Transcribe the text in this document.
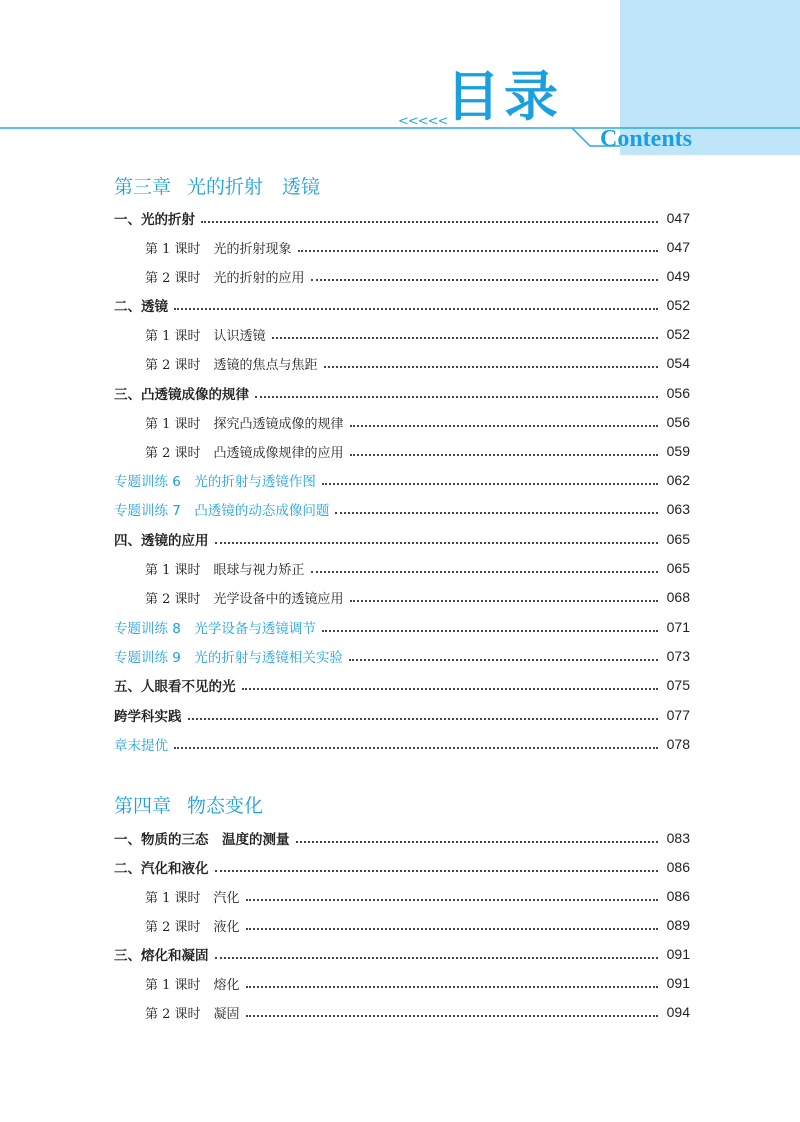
<<<<<
目录
Contents
第三章 光的折射　透镜
一、光的折射	047
第 1 课时　光的折射现象	047
第 2 课时　光的折射的应用	049
二、透镜	052
第 1 课时　认识透镜	052
第 2 课时　透镜的焦点与焦距	054
三、凸透镜成像的规律	056
第 1 课时　探究凸透镜成像的规律	056
第 2 课时　凸透镜成像规律的应用	059
专题训练 6　光的折射与透镜作图	062
专题训练 7　凸透镜的动态成像问题	063
四、透镜的应用	065
第 1 课时　眼球与视力矫正	065
第 2 课时　光学设备中的透镜应用	068
专题训练 8　光学设备与透镜调节	071
专题训练 9　光的折射与透镜相关实验	073
五、人眼看不见的光	075
跨学科实践	077
章末提优	078
第四章 物态变化
一、物质的三态　温度的测量	083
二、汽化和液化	086
第 1 课时　汽化	086
第 2 课时　液化	089
三、熔化和凝固	091
第 1 课时　熔化	091
第 2 课时　凝固	094
